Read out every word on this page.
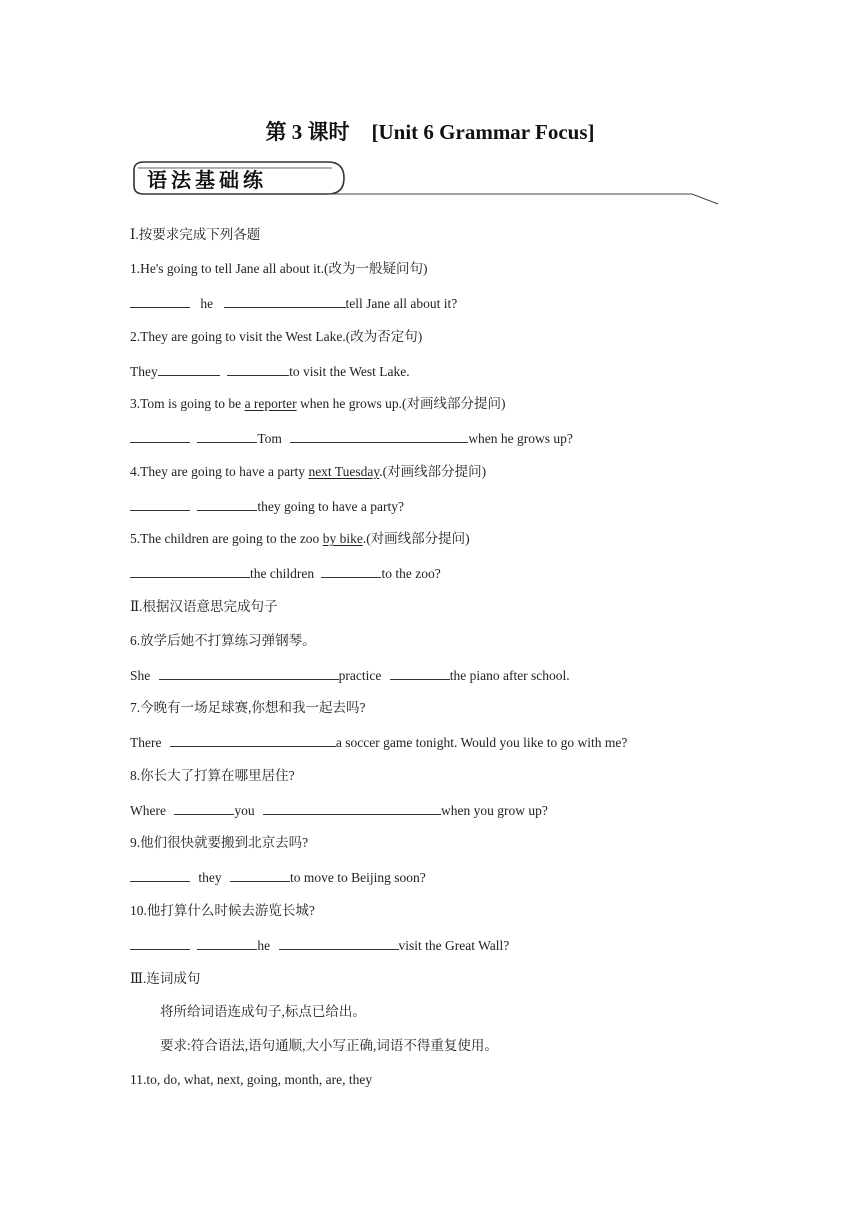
第 3 课时 [Unit 6 Grammar Focus]
语法基础练
Ⅰ.按要求完成下列各题
1.He's going to tell Jane all about it.(改为一般疑问句)
he	tell Jane all about it?
2.They are going to visit the West Lake.(改为否定句)
They	to visit the West Lake.
3.Tom is going to be a reporter when he grows up.(对画线部分提问)
Tom	when he grows up?
4.They are going to have a party next Tuesday.(对画线部分提问)
they going to have a party?
5.The children are going to the zoo by bike.(对画线部分提问)
the children	to the zoo?
Ⅱ.根据汉语意思完成句子
6.放学后她不打算练习弹钢琴。
She	practice	the piano after school.
7.今晚有一场足球赛,你想和我一起去吗?
There	a soccer game tonight. Would you like to go with me?
8.你长大了打算在哪里居住?
Where	you	when you grow up?
9.他们很快就要搬到北京去吗?
they	to move to Beijing soon?
10.他打算什么时候去游览长城?
he	visit the Great Wall?
Ⅲ.连词成句
将所给词语连成句子,标点已给出。
要求:符合语法,语句通顺,大小写正确,词语不得重复使用。
11.to, do, what, next, going, month, are, they
